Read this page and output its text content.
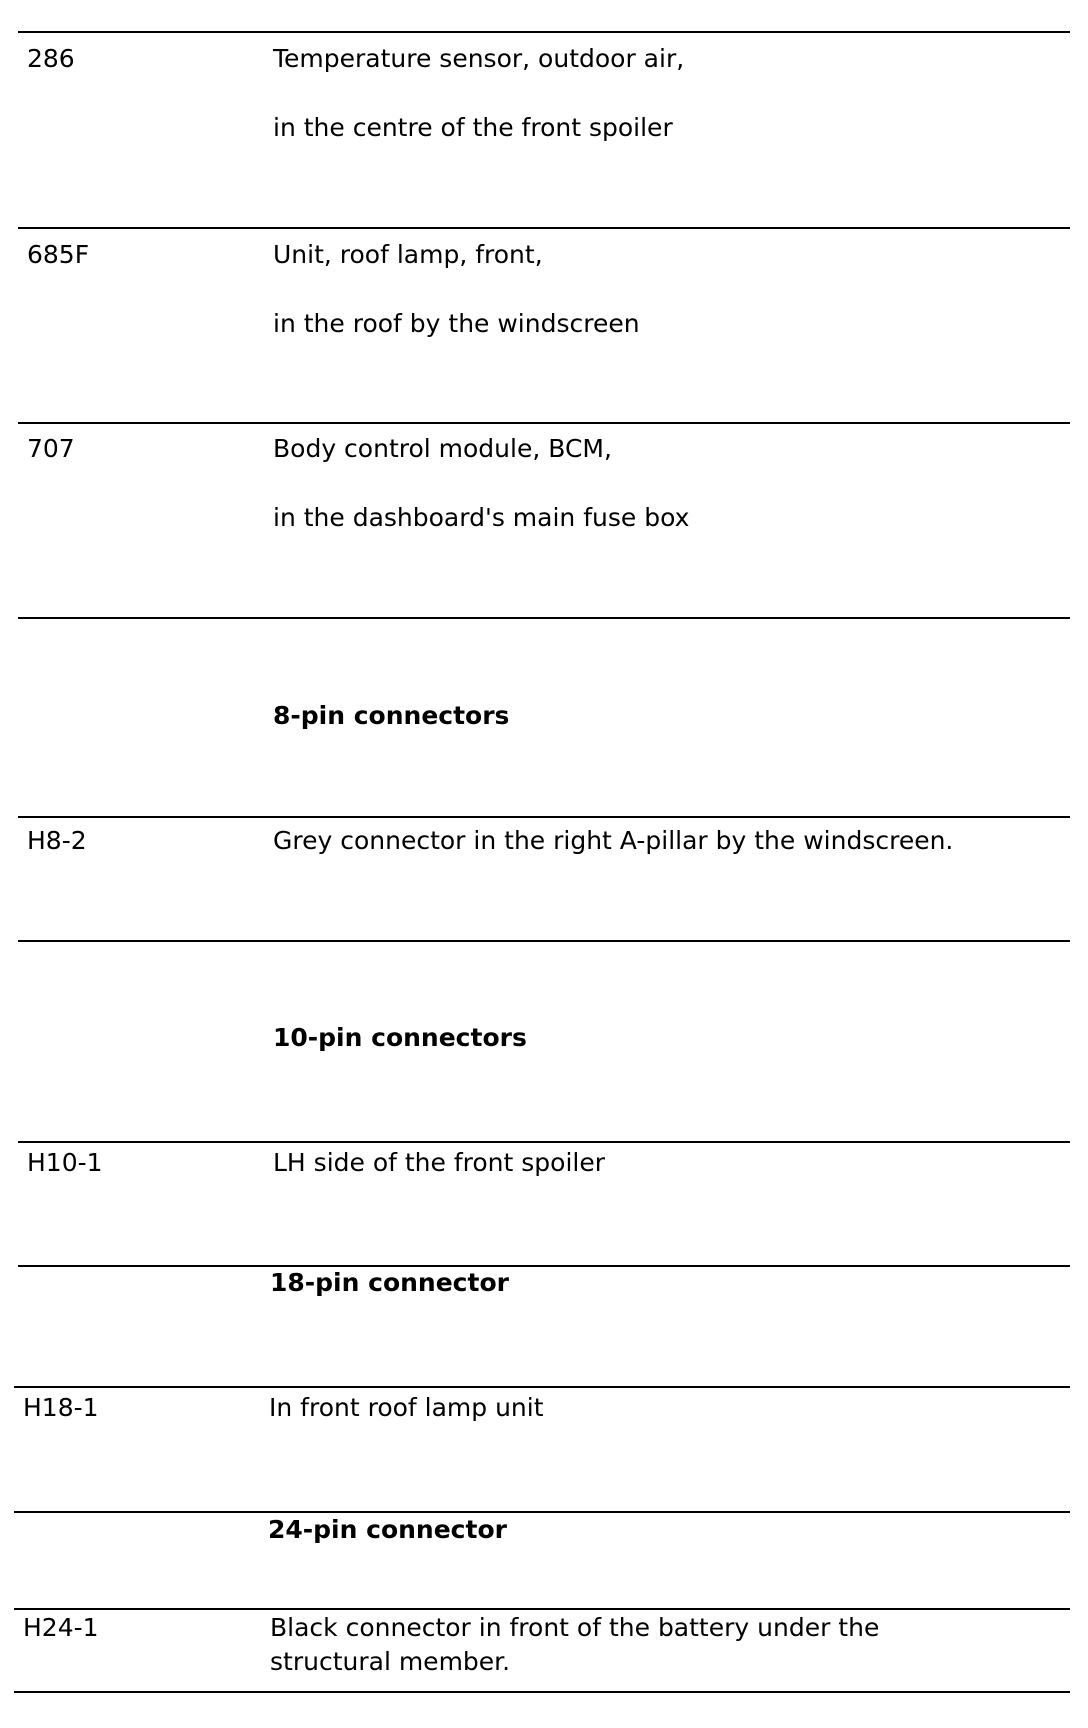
286	Temperature sensor, outdoor air,
in the centre of the front spoiler
685F	Unit, roof lamp, front,
in the roof by the windscreen
707	Body control module, BCM,
in the dashboard's main fuse box
8-pin connectors
H8-2	Grey connector in the right A-pillar by the windscreen.
10-pin connectors
H10-1	LH side of the front spoiler
18-pin connector
H18-1	In front roof lamp unit
24-pin connector
H24-1	Black connector in front of the battery under the
structural member.
